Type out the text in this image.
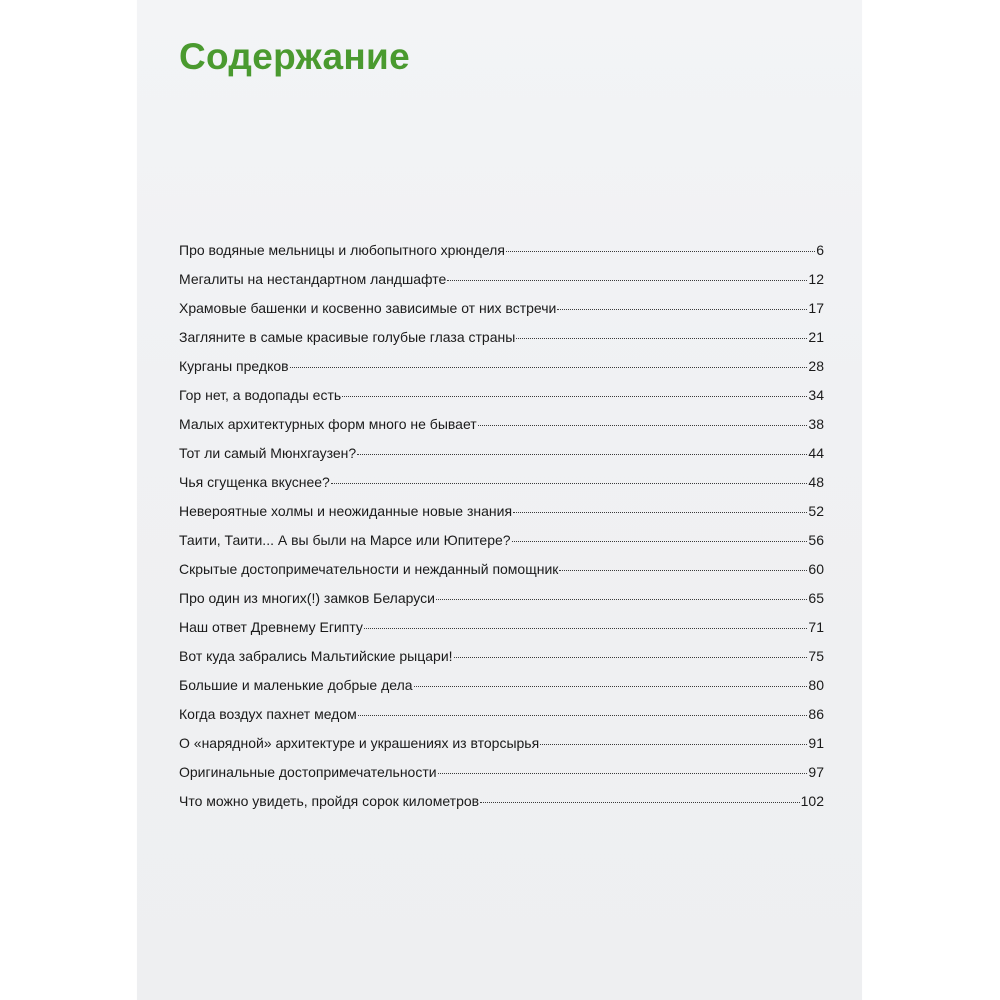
Содержание
Про водяные мельницы и любопытного хрюнделя	6
Мегалиты на нестандартном ландшафте	12
Храмовые башенки и косвенно зависимые от них встречи	17
Загляните в самые красивые голубые глаза страны	21
Курганы предков	28
Гор нет, а водопады есть	34
Малых архитектурных форм много не бывает	38
Тот ли самый Мюнхгаузен?	44
Чья сгущенка вкуснее?	48
Невероятные холмы и неожиданные новые знания	52
Таити, Таити... А вы были на Марсе или Юпитере?	56
Скрытые достопримечательности и нежданный помощник	60
Про один из многих(!) замков Беларуси	65
Наш ответ Древнему Египту	71
Вот куда забрались Мальтийские рыцари!	75
Большие и маленькие добрые дела	80
Когда воздух пахнет медом	86
О «нарядной» архитектуре и украшениях из вторсырья	91
Оригинальные достопримечательности	97
Что можно увидеть, пройдя сорок километров	102
